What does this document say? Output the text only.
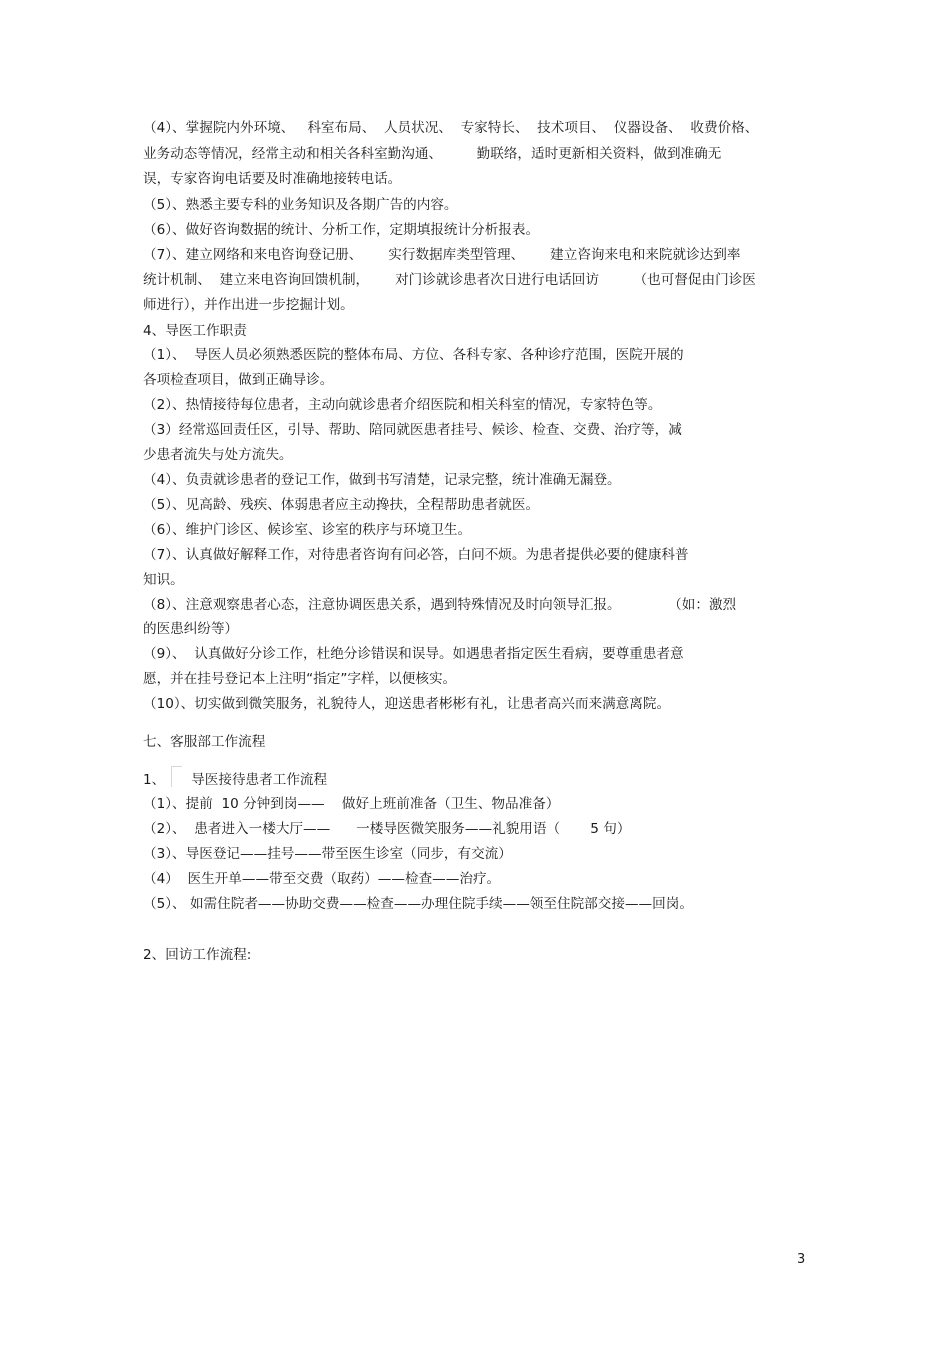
（4）、掌握院内外环境、   科室布局、  人员状况、  专家特长、  技术项目、  仪器设备、  收费价格、
业务动态等情况，经常主动和相关各科室勤沟通、        勤联络，适时更新相关资料，做到准确无
误，专家咨询电话要及时准确地接转电话。
（5）、熟悉主要专科的业务知识及各期广告的内容。
（6）、做好咨询数据的统计、分析工作，定期填报统计分析报表。
（7）、建立网络和来电咨询登记册、      实行数据库类型管理、      建立咨询来电和来院就诊达到率
统计机制、  建立来电咨询回馈机制，      对门诊就诊患者次日进行电话回访        （也可督促由门诊医
师进行），并作出进一步挖掘计划。
4、导医工作职责
（1）、  导医人员必须熟悉医院的整体布局、方位、各科专家、各种诊疗范围，医院开展的
各项检查项目，做到正确导诊。
（2）、热情接待每位患者，主动向就诊患者介绍医院和相关科室的情况，专家特色等。
（3）经常巡回责任区，引导、帮助、陪同就医患者挂号、候诊、检查、交费、治疗等，减
少患者流失与处方流失。
（4）、负责就诊患者的登记工作，做到书写清楚，记录完整，统计准确无漏登。
（5）、见高龄、残疾、体弱患者应主动搀扶，全程帮助患者就医。
（6）、维护门诊区、候诊室、诊室的秩序与环境卫生。
（7）、认真做好解释工作，对待患者咨询有问必答，白问不烦。为患者提供必要的健康科普
知识。
（8）、注意观察患者心态，注意协调医患关系，遇到特殊情况及时向领导汇报。           （如：激烈
的医患纠纷等）
（9）、  认真做好分诊工作，杜绝分诊错误和误导。如遇患者指定医生看病，要尊重患者意
愿，并在挂号登记本上注明“指定”字样，以便核实。
（10）、切实做到微笑服务，礼貌待人，迎送患者彬彬有礼，让患者高兴而来满意离院。
七、客服部工作流程
1、      导医接待患者工作流程
（1）、提前  10 分钟到岗——    做好上班前准备（卫生、物品准备）
（2）、  患者进入一楼大厅——      一楼导医微笑服务——礼貌用语（       5 句）
（3）、导医登记——挂号——带至医生诊室（同步，有交流）
（4）  医生开单——带至交费（取药）——检查——治疗。
（5）、 如需住院者——协助交费——检查——办理住院手续——领至住院部交接——回岗。
2、回访工作流程:
3
